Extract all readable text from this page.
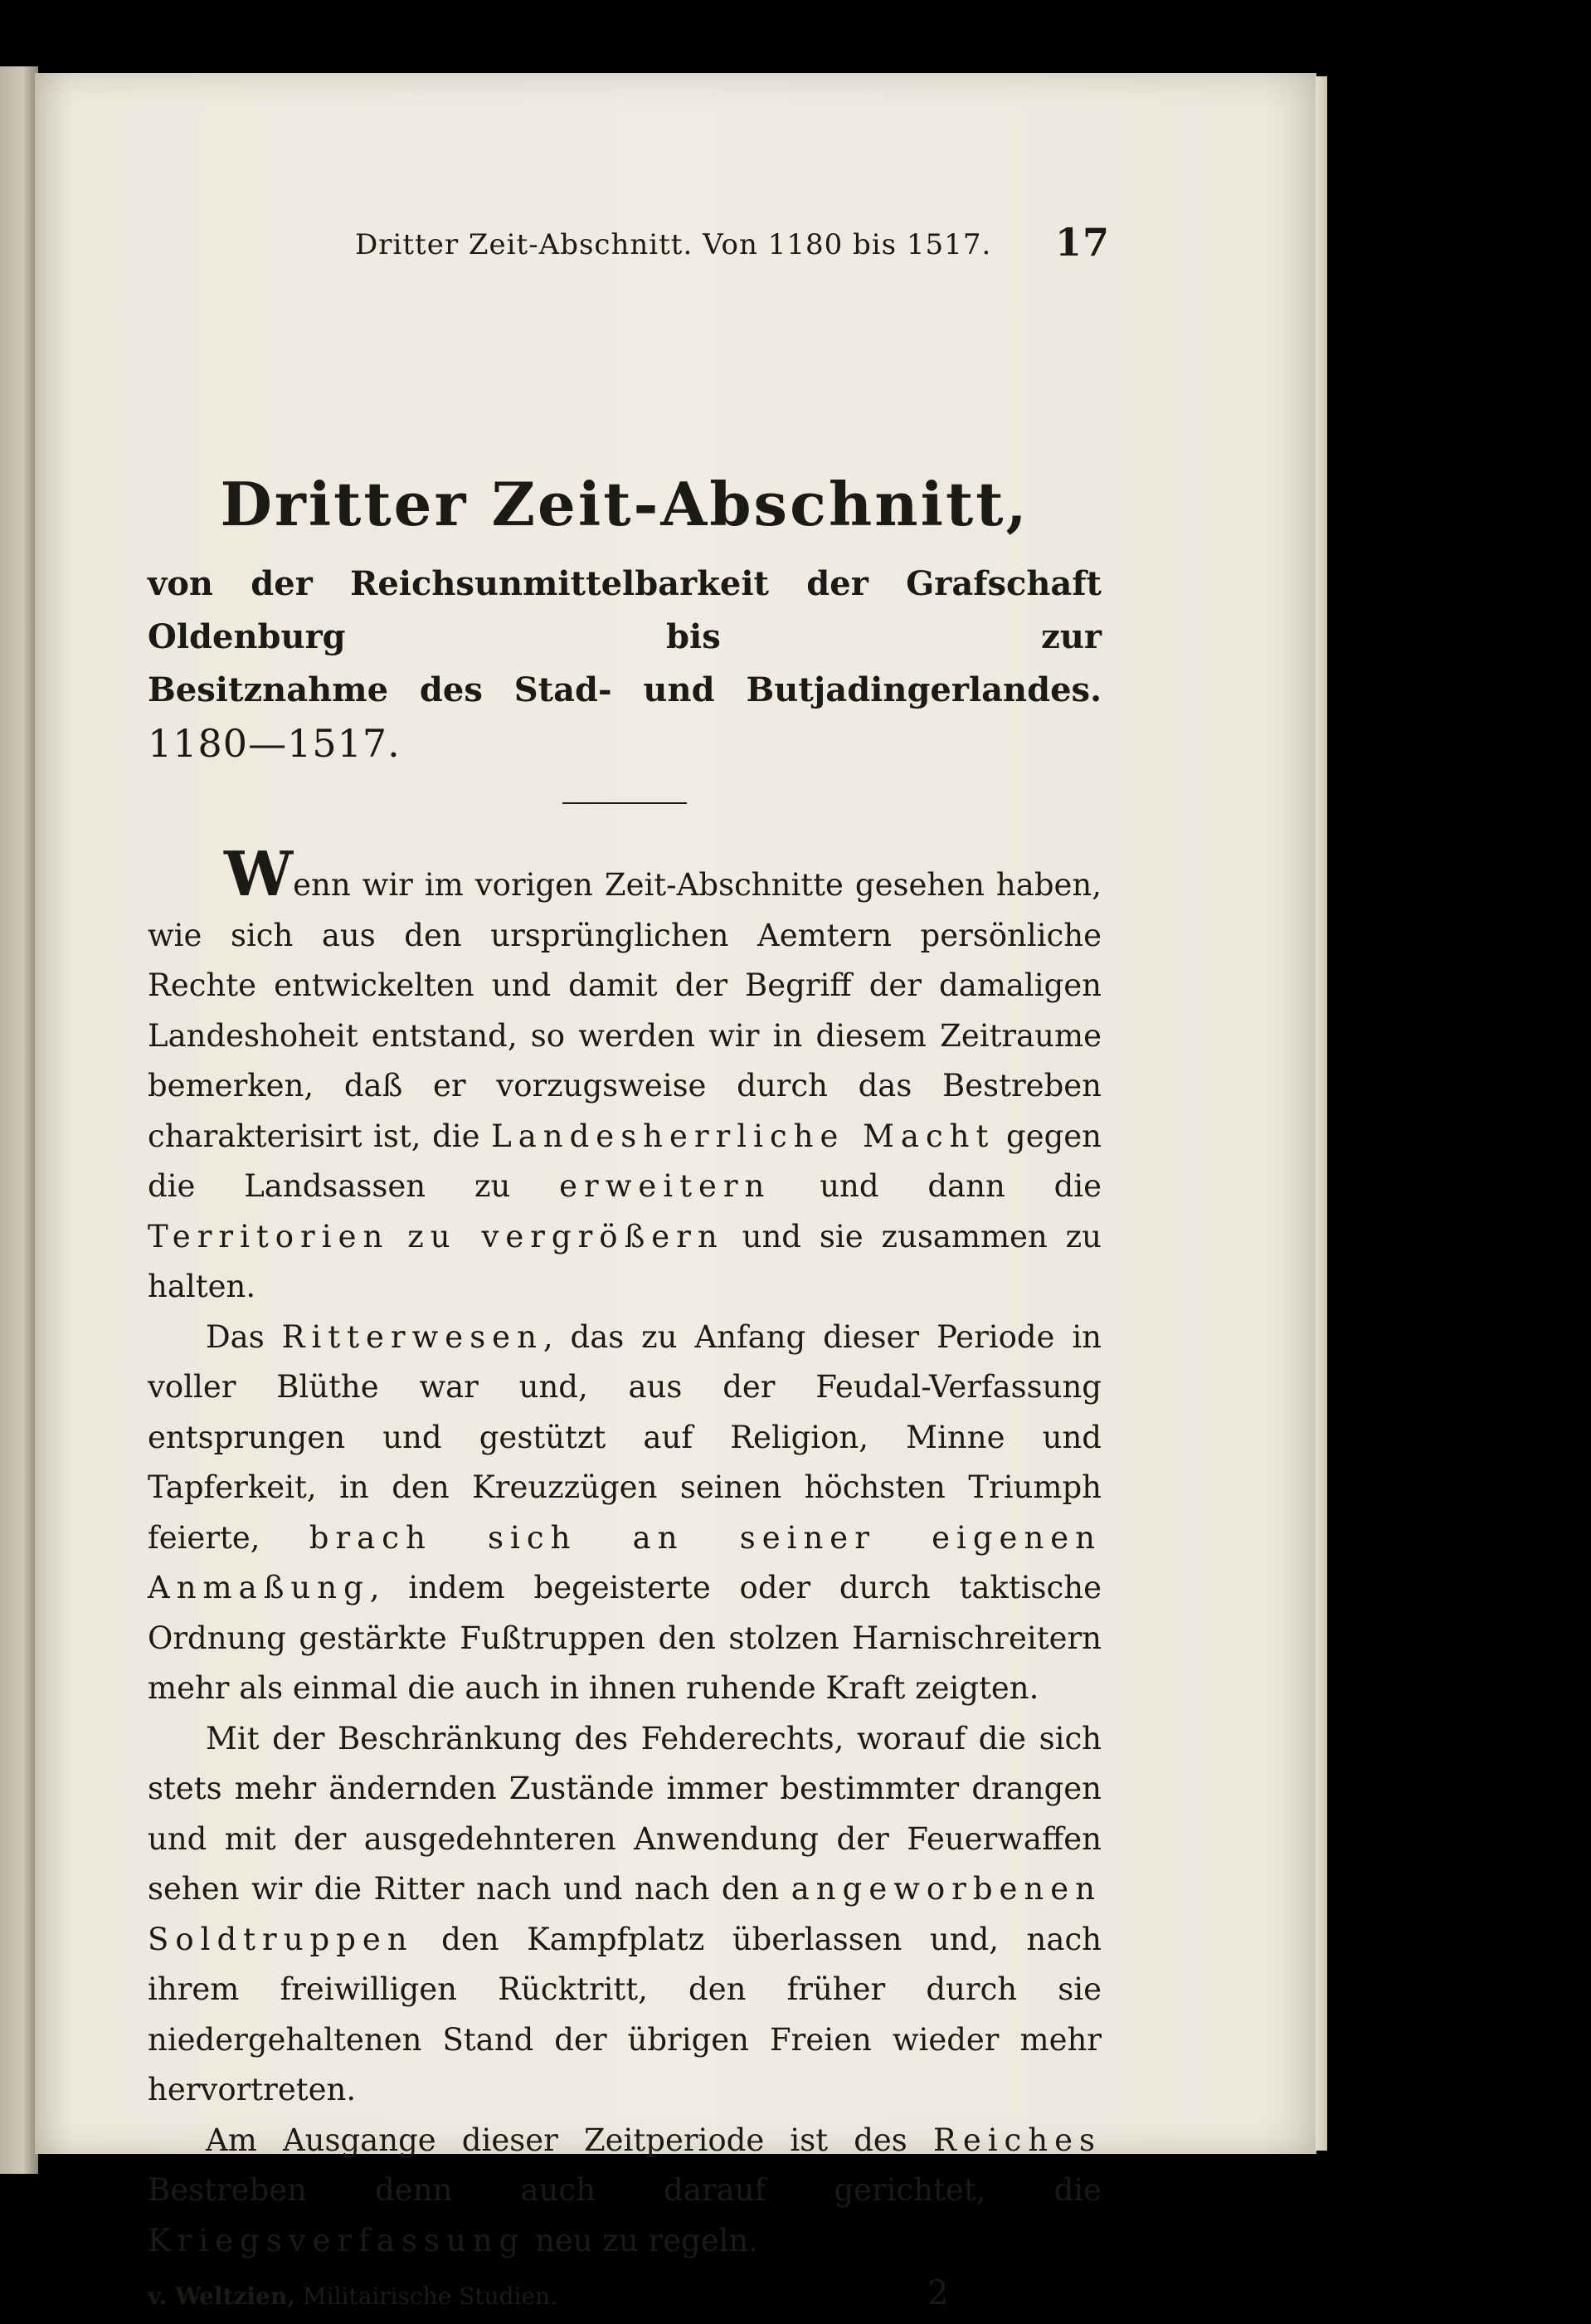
Dritter Zeit-Abschnitt. Von 1180 bis 1517. 17
Dritter Zeit-Abschnitt,
von der Reichsunmittelbarkeit der Grafschaft Oldenburg bis zur
Besitznahme des Stad- und Butjadingerlandes. 1180—1517.

Wenn wir im vorigen Zeit-Abschnitte gesehen haben, wie sich aus den ursprünglichen Aemtern persönliche Rechte entwickelten und damit der Begriff der damaligen Landeshoheit entstand, so werden wir in diesem Zeitraume bemerken, daß er vorzugsweise durch das Bestreben charakterisirt ist, die Landesherrliche Macht gegen die Landsassen zu erweitern und dann die Territorien zu vergrößern und sie zusammen zu halten.

Das Ritterwesen, das zu Anfang dieser Periode in voller Blüthe war und, aus der Feudal-Verfassung entsprungen und gestützt auf Religion, Minne und Tapferkeit, in den Kreuzzügen seinen höchsten Triumph feierte, brach sich an seiner eigenen Anmaßung, indem begeisterte oder durch taktische Ordnung gestärkte Fußtruppen den stolzen Harnischreitern mehr als einmal die auch in ihnen ruhende Kraft zeigten.

Mit der Beschränkung des Fehderechts, worauf die sich stets mehr ändernden Zustände immer bestimmter drangen und mit der ausgedehnteren Anwendung der Feuerwaffen sehen wir die Ritter nach und nach den angeworbenen Soldtruppen den Kampfplatz überlassen und, nach ihrem freiwilligen Rücktritt, den früher durch sie niedergehaltenen Stand der übrigen Freien wieder mehr hervortreten.

Am Ausgange dieser Zeitperiode ist des Reiches Bestreben denn auch darauf gerichtet, die Kriegsverfassung neu zu regeln.

v. Weltzien, Militairische Studien.	2
